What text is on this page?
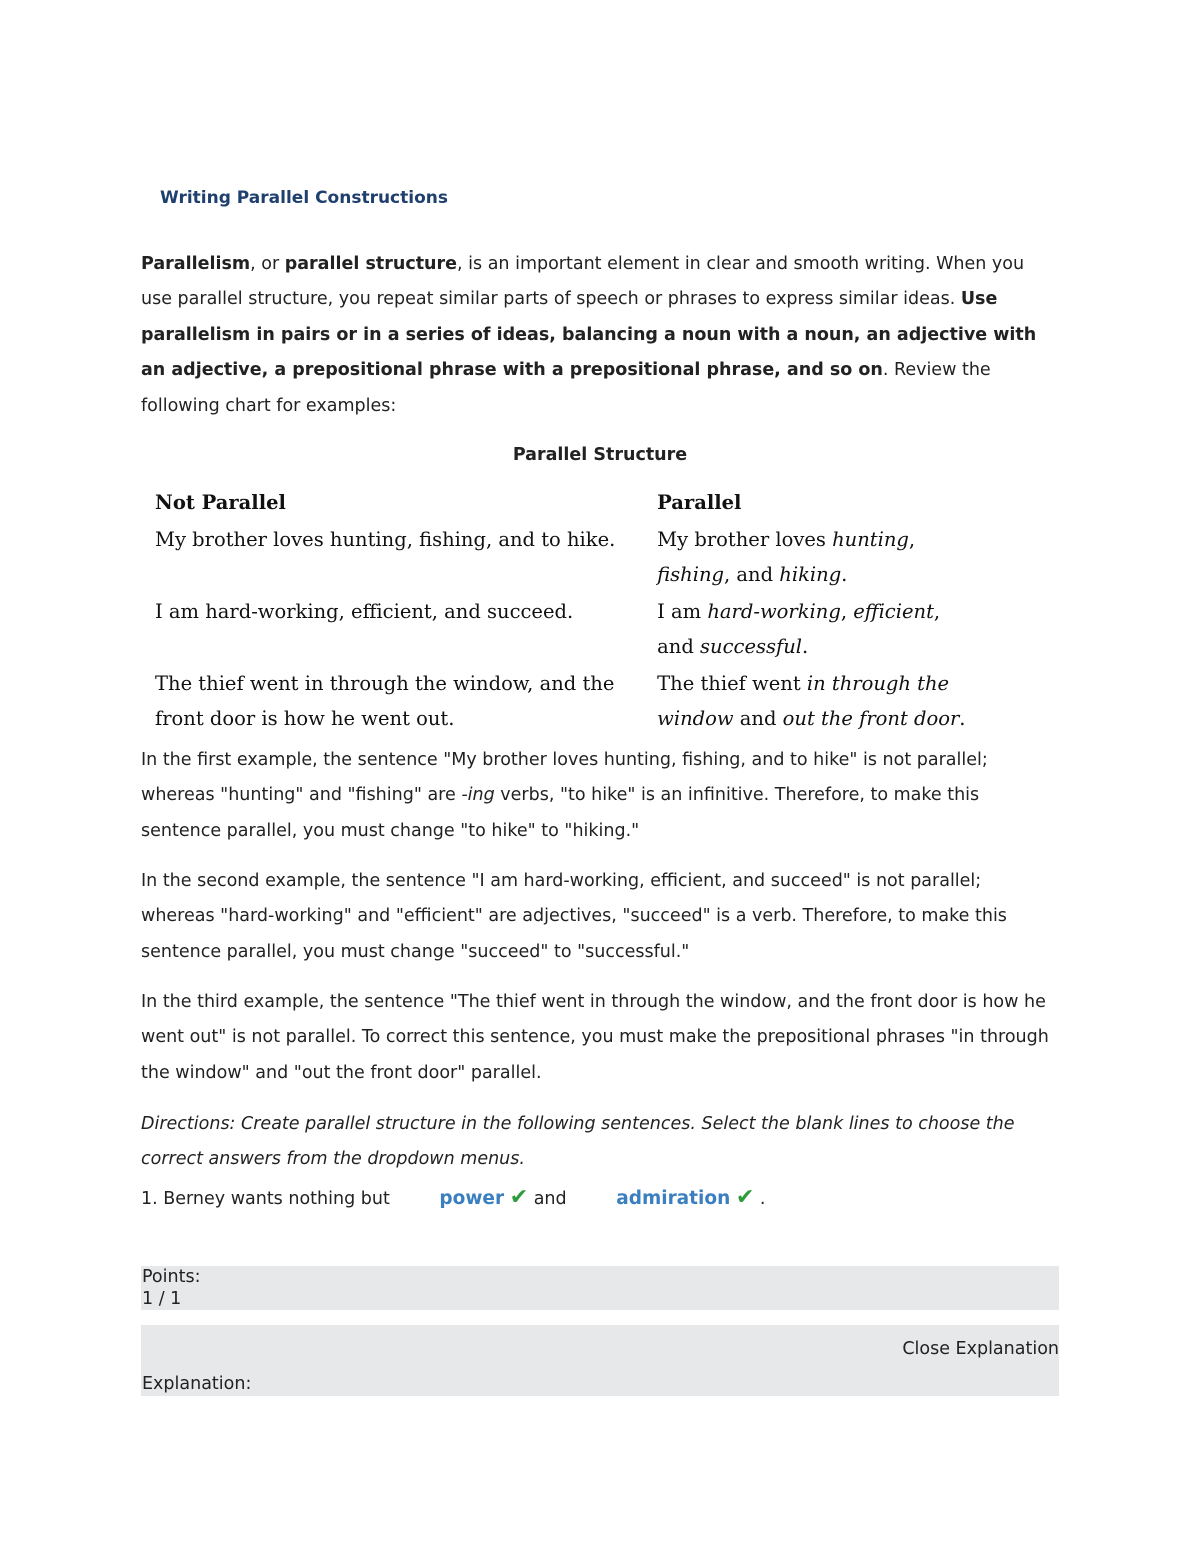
Writing Parallel Constructions

Parallelism, or parallel structure, is an important element in clear and smooth writing. When you use parallel structure, you repeat similar parts of speech or phrases to express similar ideas. Use parallelism in pairs or in a series of ideas, balancing a noun with a noun, an adjective with an adjective, a prepositional phrase with a prepositional phrase, and so on. Review the following chart for examples:

Parallel Structure
Not Parallel	Parallel
My brother loves hunting, fishing, and to hike.	My brother loves hunting, fishing, and hiking.
I am hard-working, efficient, and succeed.	I am hard-working, efficient, and successful.
The thief went in through the window, and the front door is how he went out.	The thief went in through the window and out the front door.

In the first example, the sentence "My brother loves hunting, fishing, and to hike" is not parallel; whereas "hunting" and "fishing" are -ing verbs, "to hike" is an infinitive. Therefore, to make this sentence parallel, you must change "to hike" to "hiking."

In the second example, the sentence "I am hard-working, efficient, and succeed" is not parallel; whereas "hard-working" and "efficient" are adjectives, "succeed" is a verb. Therefore, to make this sentence parallel, you must change "succeed" to "successful."

In the third example, the sentence "The thief went in through the window, and the front door is how he went out" is not parallel. To correct this sentence, you must make the prepositional phrases "in through the window" and "out the front door" parallel.

Directions: Create parallel structure in the following sentences. Select the blank lines to choose the correct answers from the dropdown menus.

1. Berney wants nothing but	power ✔ and	admiration ✔ .
Points:
1 / 1
Close Explanation
Explanation:
